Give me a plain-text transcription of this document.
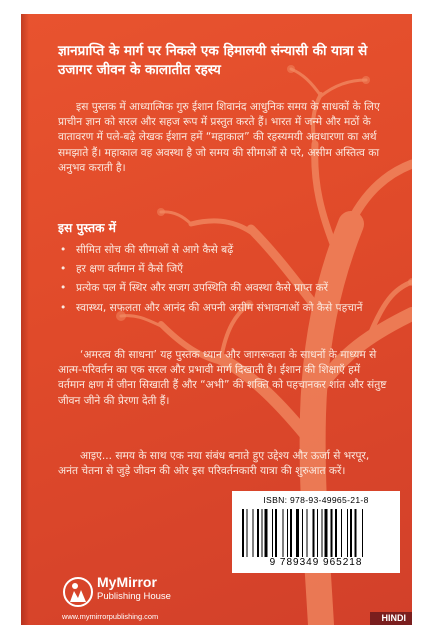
ज्ञानप्राप्ति के मार्ग पर निकले एक हिमालयी संन्यासी की यात्रा से उजागर जीवन के कालातीत रहस्य

इस पुस्तक में आध्यात्मिक गुरु ईशान शिवानंद आधुनिक समय के साधकों के लिए प्राचीन ज्ञान को सरल और सहज रूप में प्रस्तुत करते हैं। भारत में जन्मे और मठों के वातावरण में पले-बढ़े लेखक ईशान हमें “महाकाल” की रहस्यमयी अवधारणा का अर्थ समझाते हैं। महाकाल वह अवस्था है जो समय की सीमाओं से परे, असीम अस्तित्व का अनुभव कराती है।

इस पुस्तक में

• सीमित सोच की सीमाओं से आगे कैसे बढ़ें
• हर क्षण वर्तमान में कैसे जिएँ
• प्रत्येक पल में स्थिर और सजग उपस्थिति की अवस्था कैसे प्राप्त करें
• स्वास्थ्य, सफलता और आनंद की अपनी असीम संभावनाओं को कैसे पहचानें

‘अमरत्व की साधना’ यह पुस्तक ध्यान और जागरूकता के साधनों के माध्यम से आत्म-परिवर्तन का एक सरल और प्रभावी मार्ग दिखाती है। ईशान की शिक्षाएँ हमें वर्तमान क्षण में जीना सिखाती हैं और “अभी” की शक्ति को पहचानकर शांत और संतुष्ट जीवन जीने की प्रेरणा देती हैं।

आइए... समय के साथ एक नया संबंध बनाते हुए उद्देश्य और ऊर्जा से भरपूर, अनंत चेतना से जुड़े जीवन की ओर इस परिवर्तनकारी यात्रा की शुरुआत करें।

ISBN: 978-93-49965-21-8
9 789349 965218
MyMirror
Publishing House
www.mymirrorpublishing.com	HINDI
